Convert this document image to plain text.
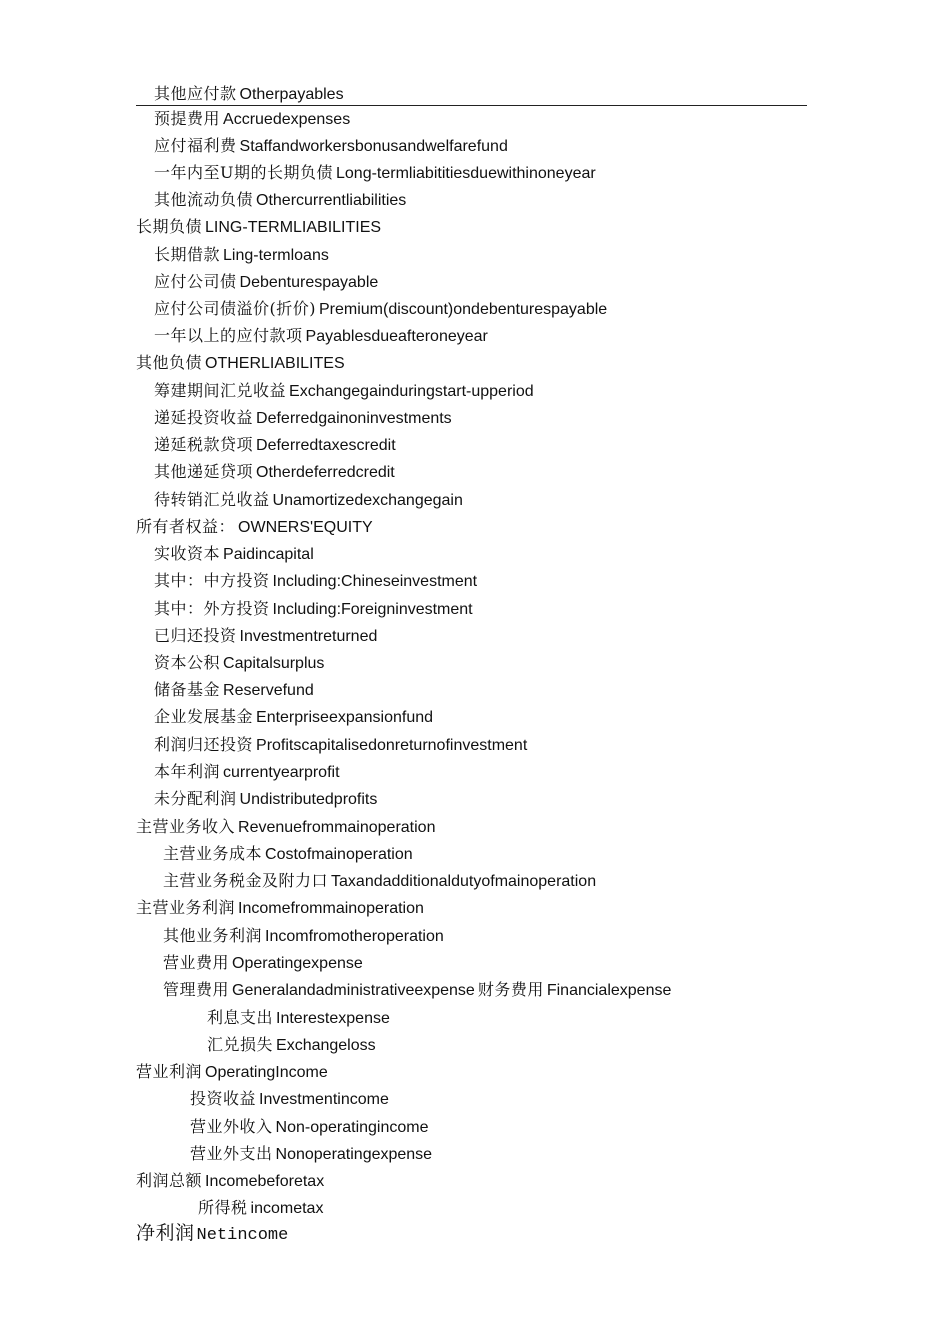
其他应付款 Otherpayables
预提费用 Accruedexpenses
应付福利费 Staffandworkersbonusandwelfarefund
一年内至U期的长期负债 Long-termliabititiesduewithinoneyear
其他流动负债 Othercurrentliabilities
长期负债 LING-TERMLIABILITIES
长期借款 Ling-termloans
应付公司债 Debenturespayable
应付公司债溢价(折价) Premium(discount)ondebenturespayable
一年以上的应付款项 Payablesdueafteroneyear
其他负债 OTHERLIABILITES
筹建期间汇兑收益 Exchangegainduringstart-upperiod
递延投资收益 Deferredgainoninvestments
递延税款贷项 Deferredtaxescredit
其他递延贷项 Otherdeferredcredit
待转销汇兑收益 Unamortizedexchangegain
所有者权益： OWNERS'EQUITY
实收资本 Paidincapital
其中：中方投资 Including:Chineseinvestment
其中：外方投资 Including:Foreigninvestment
已归还投资 Investmentreturned
资本公积 Capitalsurplus
储备基金 Reservefund
企业发展基金 Enterpriseexpansionfund
利润归还投资 Profitscapitalisedonreturnofinvestment
本年利润 currentyearprofit
未分配利润 Undistributedprofits
主营业务收入 Revenuefrommainoperation
主营业务成本 Costofmainoperation
主营业务税金及附力口 Taxandadditionaldutyofmainoperation
主营业务利润 Incomefrommainoperation
其他业务利润 Incomfromotheroperation
营业费用 Operatingexpense
管理费用 Generalandadministrativeexpense 财务费用 Financialexpense
利息支出 Interestexpense
汇兑损失 Exchangeloss
营业利润 OperatingIncome
投资收益 Investmentincome
营业外收入 Non-operatingincome
营业外支出 Nonoperatingexpense
利润总额 Incomebeforetax
所得税 incometax
净利润 Netincome
